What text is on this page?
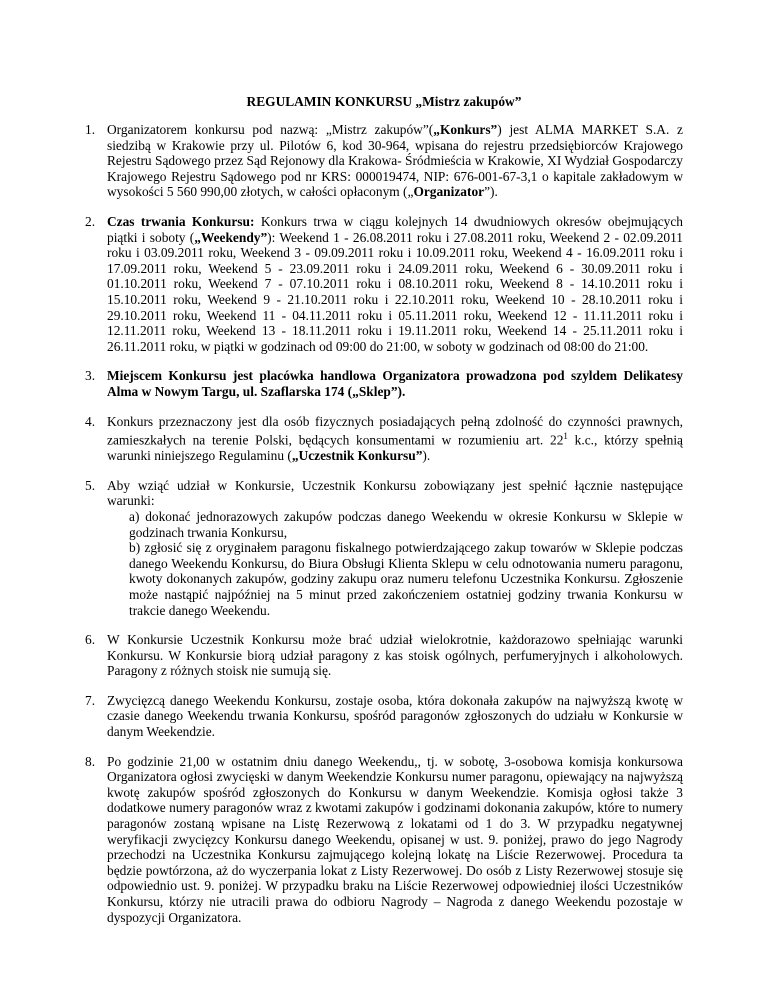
REGULAMIN KONKURSU „Mistrz zakupów”
1. Organizatorem konkursu pod nazwą: „Mistrz zakupów”(„Konkurs”) jest ALMA MARKET S.A. z siedzibą w Krakowie przy ul. Pilotów 6, kod 30-964, wpisana do rejestru przedsiębiorców Krajowego Rejestru Sądowego przez Sąd Rejonowy dla Krakowa- Śródmieścia w Krakowie, XI Wydział Gospodarczy Krajowego Rejestru Sądowego pod nr KRS: 000019474, NIP: 676-001-67-3,1 o kapitale zakładowym w wysokości 5 560 990,00 złotych, w całości opłaconym („Organizator”).
2. Czas trwania Konkursu: Konkurs trwa w ciągu kolejnych 14 dwudniowych okresów obejmujących piątki i soboty („Weekendy”): Weekend 1 - 26.08.2011 roku i 27.08.2011 roku, Weekend 2 - 02.09.2011 roku i 03.09.2011 roku, Weekend 3 - 09.09.2011 roku i 10.09.2011 roku, Weekend 4 - 16.09.2011 roku i 17.09.2011 roku, Weekend 5 - 23.09.2011 roku i 24.09.2011 roku, Weekend 6 - 30.09.2011 roku i 01.10.2011 roku, Weekend 7 - 07.10.2011 roku i 08.10.2011 roku, Weekend 8 - 14.10.2011 roku i 15.10.2011 roku, Weekend 9 - 21.10.2011 roku i 22.10.2011 roku, Weekend 10 - 28.10.2011 roku i 29.10.2011 roku, Weekend 11 - 04.11.2011 roku i 05.11.2011 roku, Weekend 12 - 11.11.2011 roku i 12.11.2011 roku, Weekend 13 - 18.11.2011 roku i 19.11.2011 roku, Weekend 14 - 25.11.2011 roku i 26.11.2011 roku, w piątki w godzinach od 09:00 do 21:00, w soboty w godzinach od 08:00 do 21:00.
3. Miejscem Konkursu jest placówka handlowa Organizatora prowadzona pod szyldem Delikatesy Alma w Nowym Targu, ul. Szaflarska 174 („Sklep”).
4. Konkurs przeznaczony jest dla osób fizycznych posiadających pełną zdolność do czynności prawnych, zamieszkałych na terenie Polski, będących konsumentami w rozumieniu art. $22^1$ k.c., którzy spełnią warunki niniejszego Regulaminu („Uczestnik Konkursu”).
5. Aby wziąć udział w Konkursie, Uczestnik Konkursu zobowiązany jest spełnić łącznie następujące warunki:
a) dokonać jednorazowych zakupów podczas danego Weekendu w okresie Konkursu w Sklepie w godzinach trwania Konkursu,
b) zgłosić się z oryginałem paragonu fiskalnego potwierdzającego zakup towarów w Sklepie podczas danego Weekendu Konkursu, do Biura Obsługi Klienta Sklepu w celu odnotowania numeru paragonu, kwoty dokonanych zakupów, godziny zakupu oraz numeru telefonu Uczestnika Konkursu. Zgłoszenie może nastąpić najpóźniej na 5 minut przed zakończeniem ostatniej godziny trwania Konkursu w trakcie danego Weekendu.
6. W Konkursie Uczestnik Konkursu może brać udział wielokrotnie, każdorazowo spełniając warunki Konkursu. W Konkursie biorą udział paragony z kas stoisk ogólnych, perfumeryjnych i alkoholowych. Paragony z różnych stoisk nie sumują się.
7. Zwycięzcą danego Weekendu Konkursu, zostaje osoba, która dokonała zakupów na najwyższą kwotę w czasie danego Weekendu trwania Konkursu, spośród paragonów zgłoszonych do udziału w Konkursie w danym Weekendzie.
8. Po godzinie 21,00 w ostatnim dniu danego Weekendu,, tj. w sobotę, 3-osobowa komisja konkursowa Organizatora ogłosi zwycięski w danym Weekendzie Konkursu numer paragonu, opiewający na najwyższą kwotę zakupów spośród zgłoszonych do Konkursu w danym Weekendzie. Komisja ogłosi także 3 dodatkowe numery paragonów wraz z kwotami zakupów i godzinami dokonania zakupów, które to numery paragonów zostaną wpisane na Listę Rezerwową z lokatami od 1 do 3. W przypadku negatywnej weryfikacji zwycięzcy Konkursu danego Weekendu, opisanej w ust. 9. poniżej, prawo do jego Nagrody przechodzi na Uczestnika Konkursu zajmującego kolejną lokatę na Liście Rezerwowej. Procedura ta będzie powtórzona, aż do wyczerpania lokat z Listy Rezerwowej. Do osób z Listy Rezerwowej stosuje się odpowiednio ust. 9. poniżej. W przypadku braku na Liście Rezerwowej odpowiedniej ilości Uczestników Konkursu, którzy nie utracili prawa do odbioru Nagrody – Nagroda z danego Weekendu pozostaje w dyspozycji Organizatora.
